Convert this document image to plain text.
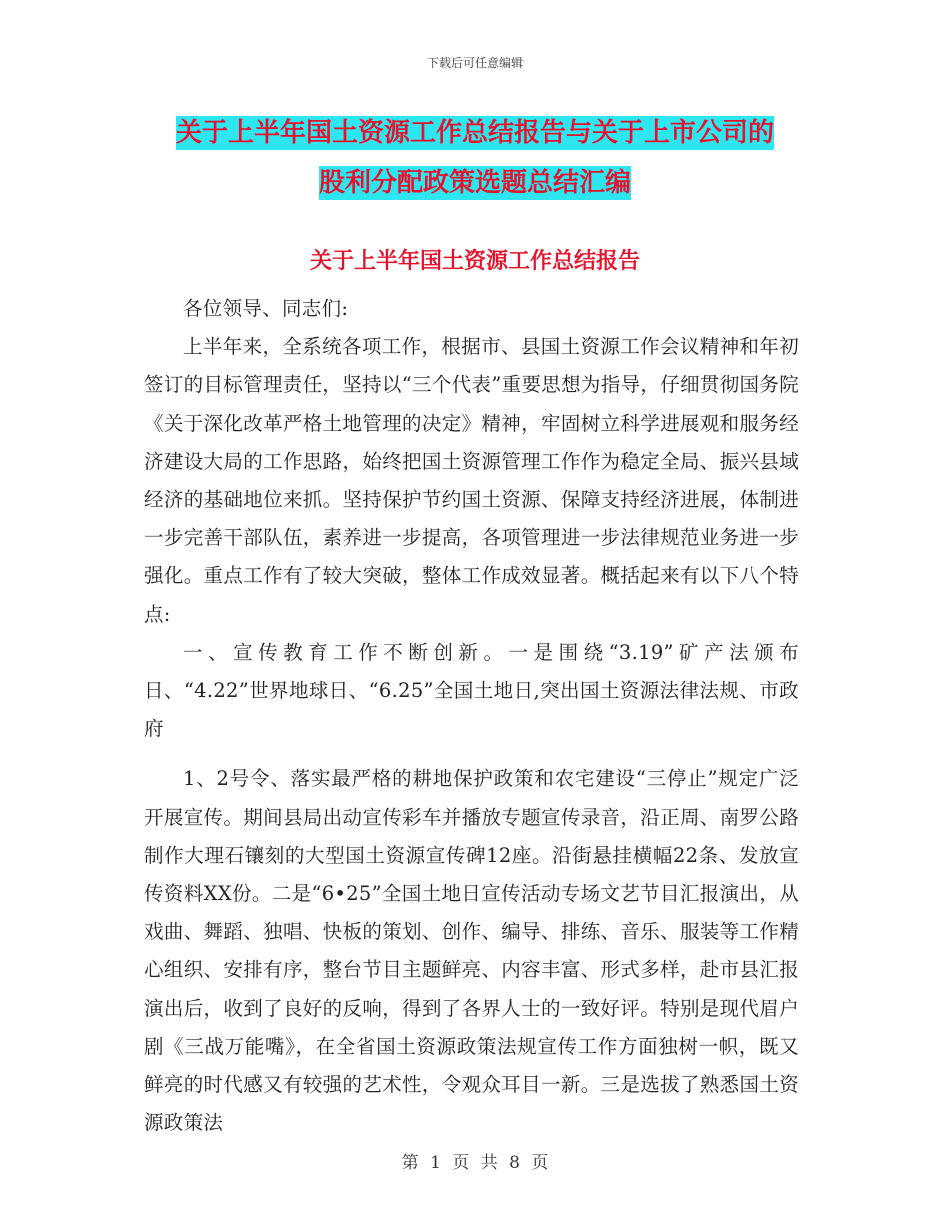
下载后可任意编辑
关于上半年国土资源工作总结报告与关于上市公司的
股利分配政策选题总结汇编
关于上半年国土资源工作总结报告

各位领导、同志们:

上半年来，全系统各项工作，根据市、县国土资源工作会议精神和年初签订的目标管理责任，坚持以“三个代表”重要思想为指导，仔细贯彻国务院《关于深化改革严格土地管理的决定》精神，牢固树立科学进展观和服务经济建设大局的工作思路，始终把国土资源管理工作作为稳定全局、振兴县域经济的基础地位来抓。坚持保护节约国土资源、保障支持经济进展，体制进一步完善干部队伍，素养进一步提高，各项管理进一步法律规范业务进一步强化。重点工作有了较大突破，整体工作成效显著。概括起来有以下八个特点:

一、宣传教育工作不断创新。一是围绕“3.19”矿产法颁布日、“4.22”世界地球日、“6.25”全国土地日,突出国土资源法律法规、市政府

1、2号令、落实最严格的耕地保护政策和农宅建设“三停止”规定广泛开展宣传。期间县局出动宣传彩车并播放专题宣传录音，沿正周、南罗公路制作大理石镶刻的大型国土资源宣传碑12座。沿街悬挂横幅22条、发放宣传资料XX份。二是“6•25”全国土地日宣传活动专场文艺节目汇报演出，从戏曲、舞蹈、独唱、快板的策划、创作、编导、排练、音乐、服装等工作精心组织、安排有序，整台节目主题鲜亮、内容丰富、形式多样，赴市县汇报演出后，收到了良好的反响，得到了各界人士的一致好评。特别是现代眉户剧《三战万能嘴》，在全省国土资源政策法规宣传工作方面独树一帜，既又鲜亮的时代感又有较强的艺术性，令观众耳目一新。三是选拔了熟悉国土资源政策法

第 1 页 共 8 页
